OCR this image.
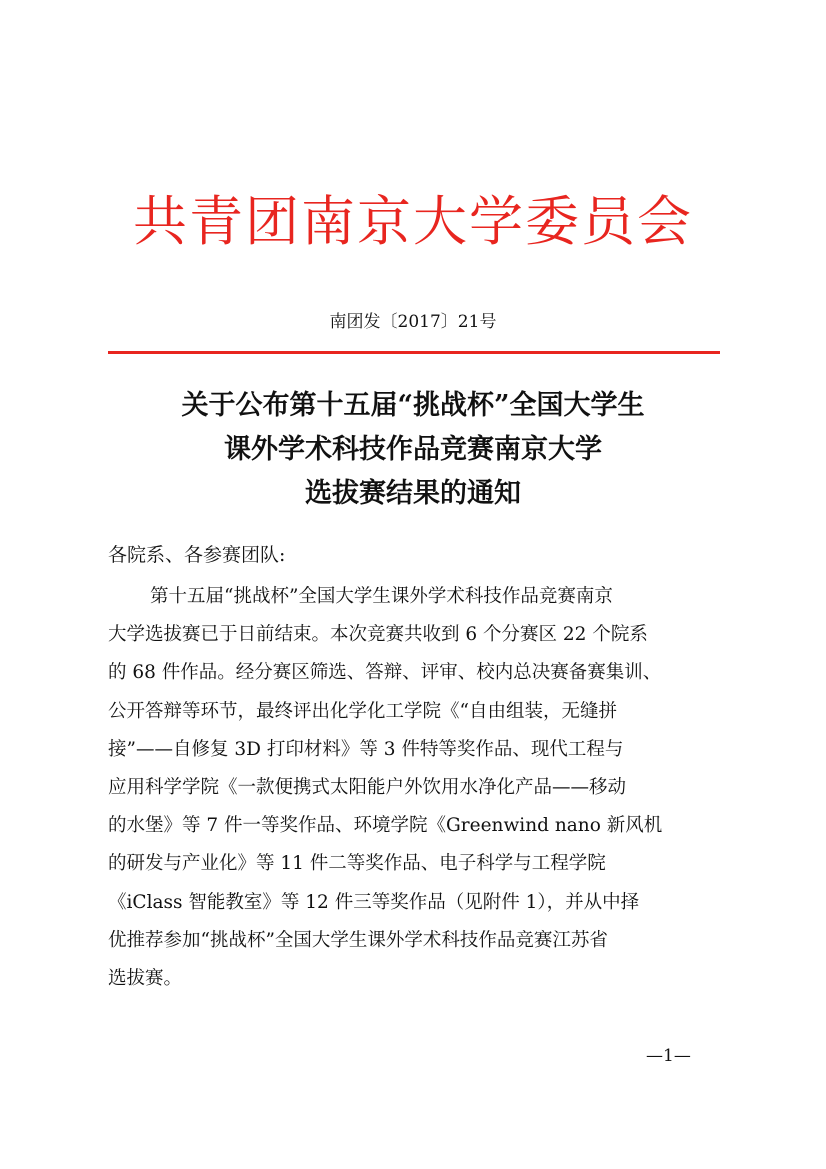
共青团南京大学委员会
南团发〔2017〕21号
关于公布第十五届“挑战杯”全国大学生
课外学术科技作品竞赛南京大学
选拔赛结果的通知
各院系、各参赛团队:
第十五届“挑战杯”全国大学生课外学术科技作品竞赛南京
大学选拔赛已于日前结束。本次竞赛共收到 6 个分赛区 22 个院系
的 68 件作品。经分赛区筛选、答辩、评审、校内总决赛备赛集训、
公开答辩等环节，最终评出化学化工学院《“自由组装，无缝拼
接”——自修复 3D 打印材料》等 3 件特等奖作品、现代工程与
应用科学学院《一款便携式太阳能户外饮用水净化产品——移动
的水堡》等 7 件一等奖作品、环境学院《Greenwind nano 新风机
的研发与产业化》等 11 件二等奖作品、电子科学与工程学院
《iClass 智能教室》等 12 件三等奖作品（见附件 1），并从中择
优推荐参加“挑战杯”全国大学生课外学术科技作品竞赛江苏省
选拔赛。
—1—
